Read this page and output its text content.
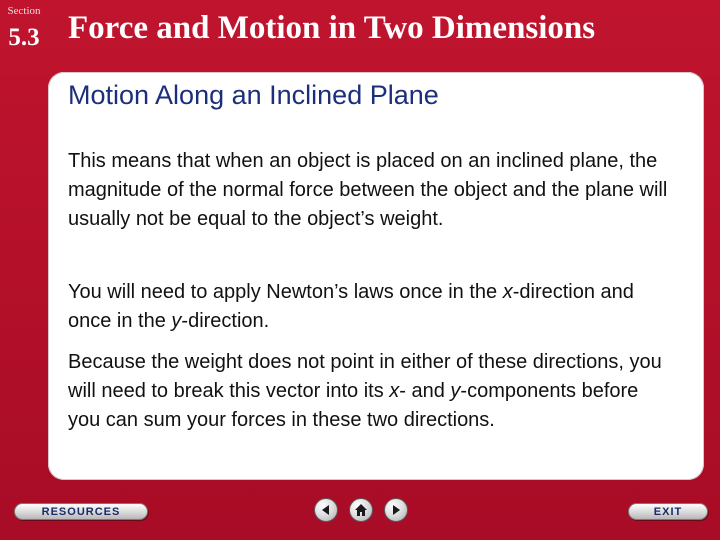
Section
5.3 Force and Motion in Two Dimensions
Motion Along an Inclined Plane

This means that when an object is placed on an inclined plane, the magnitude of the normal force between the object and the plane will usually not be equal to the object’s weight.

You will need to apply Newton’s laws once in the x-direction and once in the y-direction.

Because the weight does not point in either of these directions, you will need to break this vector into its x- and y-components before you can sum your forces in these two directions.

RESOURCES	EXIT
